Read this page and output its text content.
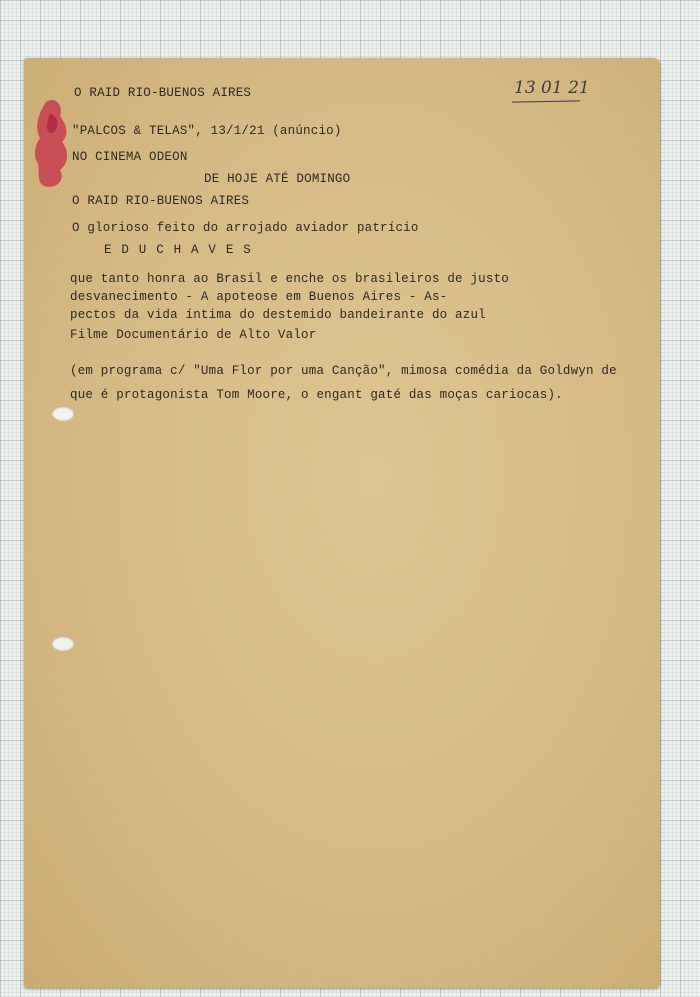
13 01 21

O RAID RIO-BUENOS AIRES

"PALCOS & TELAS", 13/1/21 (anúncio)

NO CINEMA ODEON

DE HOJE ATÉ DOMINGO

O RAID RIO-BUENOS AIRES

O glorioso feito do arrojado aviador patrício

E D U C H A V E S

que tanto honra ao Brasil e enche os brasileiros de justo

desvanecimento - A apoteose em Buenos Aires - As-

pectos da vida íntima do destemido bandeirante do azul

Filme Documentário de Alto Valor

(em programa c/ "Uma Flor por uma Canção", mimosa comédia da Goldwyn de

que é protagonista Tom Moore, o engant gaté das moças cariocas).
